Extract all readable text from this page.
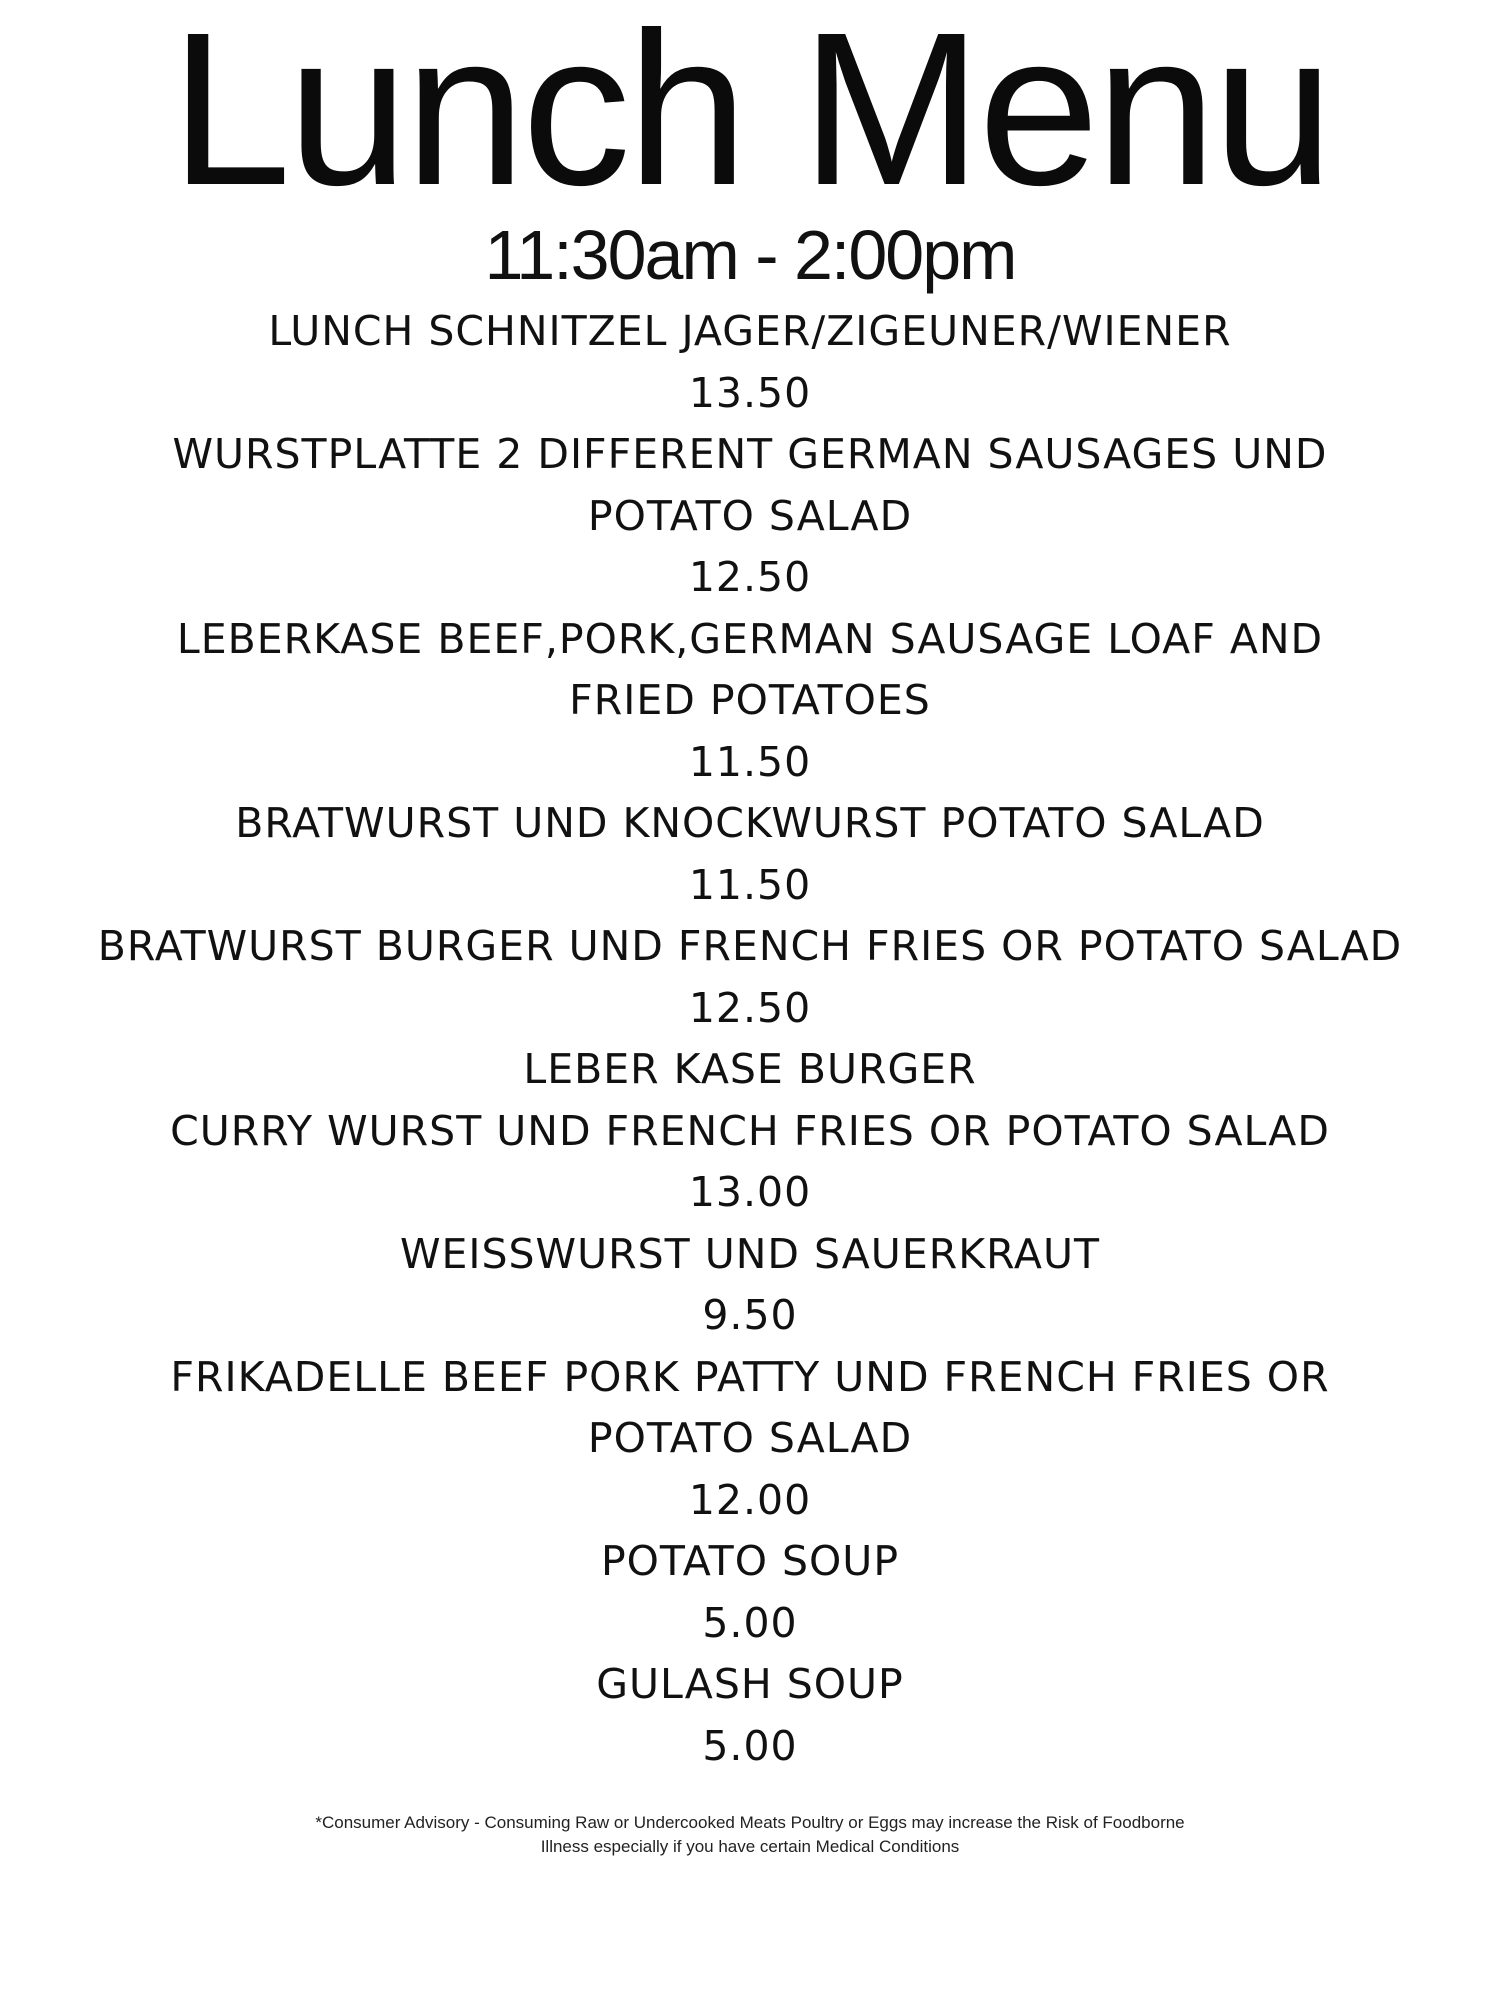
Lunch Menu
11:30am - 2:00pm

LUNCH SCHNITZEL JAGER/ZIGEUNER/WIENER

13.50

WURSTPLATTE 2 DIFFERENT GERMAN SAUSAGES UND POTATO SALAD

12.50

LEBERKASE BEEF,PORK,GERMAN SAUSAGE LOAF AND FRIED POTATOES

11.50

BRATWURST UND KNOCKWURST POTATO SALAD

11.50

BRATWURST BURGER UND FRENCH FRIES OR POTATO SALAD

12.50

LEBER KASE BURGER

CURRY WURST UND FRENCH FRIES OR POTATO SALAD

13.00

WEISSWURST UND SAUERKRAUT

9.50

FRIKADELLE BEEF PORK PATTY UND FRENCH FRIES OR POTATO SALAD

12.00

POTATO SOUP

5.00

GULASH SOUP

5.00

*Consumer Advisory - Consuming Raw or Undercooked Meats Poultry or Eggs may increase the Risk of Foodborne Illness especially if you have certain Medical Conditions
